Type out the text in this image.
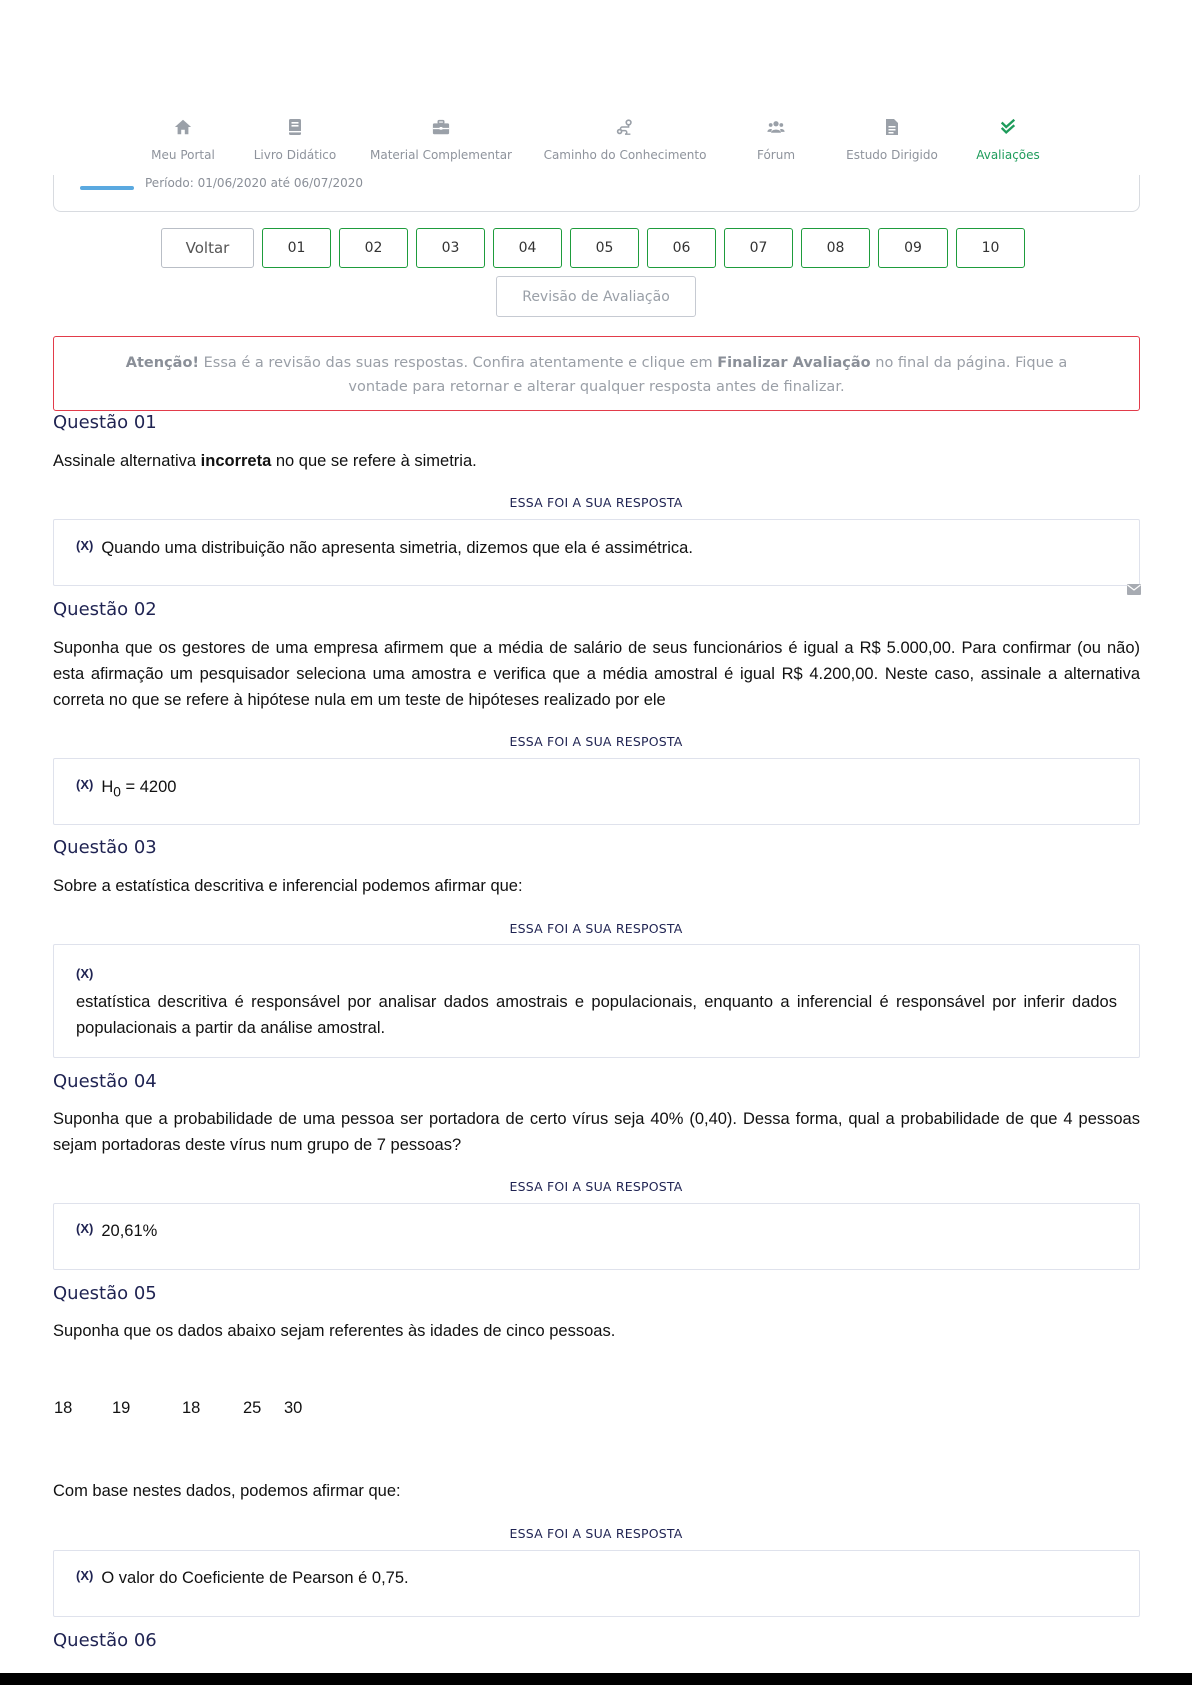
Período: 01/06/2020 até 06/07/2020
Meu Portal	Livro Didático	Material Complementar	Caminho do Conhecimento	Fórum	Estudo Dirigido	Avaliações
Voltar	01	02	03	04	05	06	07	08	09	10
Revisão de Avaliação
Atenção! Essa é a revisão das suas respostas. Confira atentamente e clique em Finalizar Avaliação no final da página. Fique a vontade para retornar e alterar qualquer resposta antes de finalizar.
Questão 01
Assinale alternativa incorreta no que se refere à simetria.
ESSA FOI A SUA RESPOSTA
$^{(X)}$ Quando uma distribuição não apresenta simetria, dizemos que ela é assimétrica.
Questão 02
Suponha que os gestores de uma empresa afirmem que a média de salário de seus funcionários é igual a R$ 5.000,00. Para confirmar (ou não) esta afirmação um pesquisador seleciona uma amostra e verifica que a média amostral é igual R$ 4.200,00. Neste caso, assinale a alternativa correta no que se refere à hipótese nula em um teste de hipóteses realizado por ele
ESSA FOI A SUA RESPOSTA
$^{(X)}$ $H_0 = 4200$
Questão 03
Sobre a estatística descritiva e inferencial podemos afirmar que:
ESSA FOI A SUA RESPOSTA
(X)
estatística descritiva é responsável por analisar dados amostrais e populacionais, enquanto a inferencial é responsável por inferir dados populacionais a partir da análise amostral.
Questão 04
Suponha que a probabilidade de uma pessoa ser portadora de certo vírus seja 40% (0,40). Dessa forma, qual a probabilidade de que 4 pessoas sejam portadoras deste vírus num grupo de 7 pessoas?
ESSA FOI A SUA RESPOSTA
$^{(X)}$ 20,61%
Questão 05
Suponha que os dados abaixo sejam referentes às idades de cinco pessoas.
18 19	18	25 30
Com base nestes dados, podemos afirmar que:
ESSA FOI A SUA RESPOSTA
$^{(X)}$ O valor do Coeficiente de Pearson é 0,75.
Questão 06
